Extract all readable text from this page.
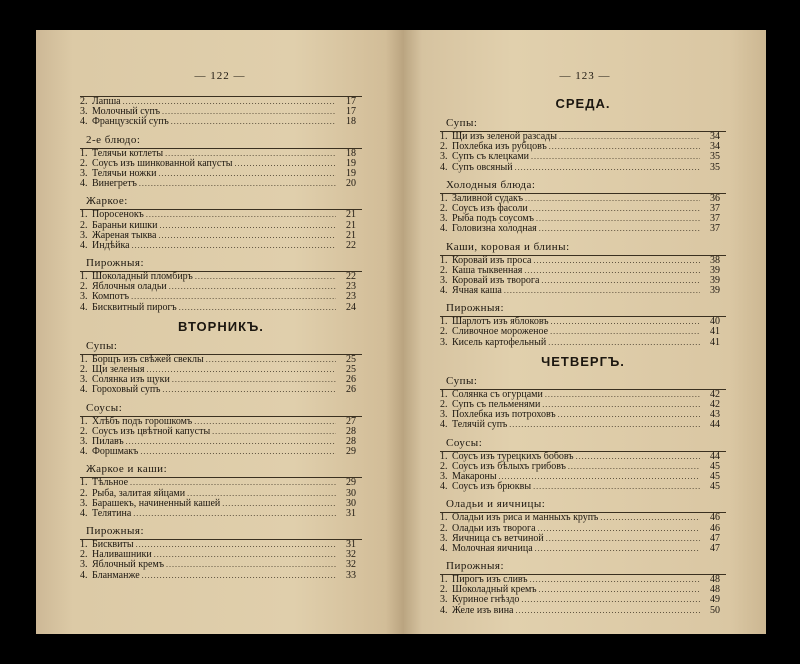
— 122 —
2. Лапша .....	17
3. Молочный супъ .....	17
4. Французскій супъ .....	18
2-е блюдо:
1. Телячьи котлеты .....	18
2. Соусъ изъ шинкованной капусты .....	19
3. Телячьи ножки .....	19
4. Винегретъ .....	20
Жаркое:
1. Поросенокъ .....	21
2. Бараньи кишки .....	21
3. Жареная тыква .....	21
4. Индѣйка .....	22
Пирожныя:
1. Шоколадный пломбиръ .....	22
2. Яблочныя оладьи .....	23
3. Компотъ .....	23
4. Бисквитный пирогъ .....	24
ВТОРНИКЪ.
Супы:
1. Борщъ изъ свѣжей свеклы .....	25
2. Щи зеленыя .....	25
3. Солянка изъ щуки .....	26
4. Гороховый супъ .....	26
Соусы:
1. Хлѣбъ подъ горошкомъ .....	27
2. Соусъ изъ цвѣтной капусты .....	28
3. Пилавъ .....	28
4. Форшмакъ .....	29
Жаркое и каши:
1. Тѣльное .....	29
2. Рыба, залитая яйцами .....	30
3. Барашекъ, начиненный кашей .....	30
4. Телятина .....	31
Пирожныя:
1. Бисквиты .....	31
2. Наливашники .....	32
3. Яблочный кремъ .....	32
4. Бланманже .....	33
— 123 —
СРЕДА.
Супы:
1. Щи изъ зеленой разсады .....	34
2. Похлебка изъ рубцовъ .....	34
3. Супъ съ клецками .....	35
4. Супъ овсяный .....	35
Холодныя блюда:
1. Заливной судакъ .....	36
2. Соусъ изъ фасоли .....	37
3. Рыба подъ соусомъ .....	37
4. Головизна холодная .....	37
Каши, коровая и блины:
1. Коровай изъ проса .....	38
2. Каша тыквенная .....	39
3. Коровай изъ творога .....	39
4. Ячная каша .....	39
Пирожныя:
1. Шарлотъ изъ яблоковъ .....	40
2. Сливочное мороженое .....	41
3. Кисель картофельный .....	41
ЧЕТВЕРГЪ.
Супы:
1. Солянка съ огурцами .....	42
2. Супъ съ пельменями .....	42
3. Похлебка изъ потроховъ .....	43
4. Телячій супъ .....	44
Соусы:
1. Соусъ изъ турецкихъ бобовъ .....	44
2. Соусъ изъ бѣлыхъ грибовъ .....	45
3. Макароны .....	45
4. Соусъ изъ брюквы .....	45
Оладьи и яичницы:
1. Оладьи изъ риса и манныхъ крупъ .....	46
2. Оладьи изъ творога .....	46
3. Яичница съ ветчиной .....	47
4. Молочная яичница .....	47
Пирожныя:
1. Пирогъ изъ сливъ .....	48
2. Шоколадный кремъ .....	48
3. Куриное гнѣздо .....	49
4. Желе изъ вина .....	50
